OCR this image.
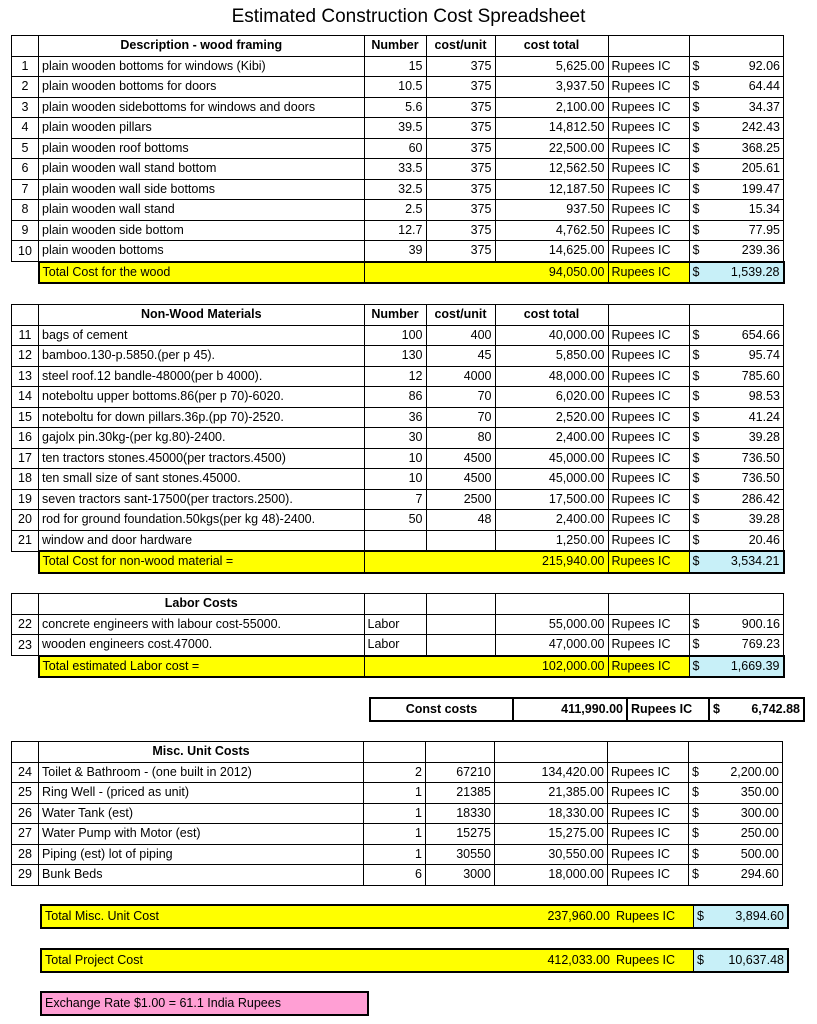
Estimated Construction Cost Spreadsheet
	Description - wood framing	Number	cost/unit	cost total		
1	plain wooden bottoms for windows (Kibi)	15	375	5,625.00	Rupees IC	$ 92.06

2	plain wooden bottoms for doors	10.5	375	3,937.50	Rupees IC	$ 64.44

3	plain wooden sidebottoms for windows and doors	5.6	375	2,100.00	Rupees IC	$ 34.37

4	plain wooden pillars	39.5	375	14,812.50	Rupees IC	$ 242.43

5	plain wooden roof bottoms	60	375	22,500.00	Rupees IC	$ 368.25

6	plain wooden wall stand bottom	33.5	375	12,562.50	Rupees IC	$ 205.61

7	plain wooden wall side bottoms	32.5	375	12,187.50	Rupees IC	$ 199.47

8	plain wooden wall stand	2.5	375	937.50	Rupees IC	$ 15.34

9	plain wooden side bottom	12.7	375	4,762.50	Rupees IC	$ 77.95

10	plain wooden bottoms	39	375	14,625.00	Rupees IC	$ 239.36

	Total Cost for the wood			94,050.00	Rupees IC	$ 1,539.28
	Non-Wood Materials	Number	cost/unit	cost total		
11	bags of cement	100	400	40,000.00	Rupees IC	$ 654.66

12	bamboo.130-p.5850.(per p 45).	130	45	5,850.00	Rupees IC	$ 95.74

13	steel roof.12 bandle-48000(per b 4000).	12	4000	48,000.00	Rupees IC	$ 785.60

14	noteboltu upper bottoms.86(per p 70)-6020.	86	70	6,020.00	Rupees IC	$ 98.53

15	noteboltu for down pillars.36p.(pp 70)-2520.	36	70	2,520.00	Rupees IC	$ 41.24

16	gajolx pin.30kg-(per kg.80)-2400.	30	80	2,400.00	Rupees IC	$ 39.28

17	ten tractors stones.45000(per tractors.4500)	10	4500	45,000.00	Rupees IC	$ 736.50

18	ten small size of sant stones.45000.	10	4500	45,000.00	Rupees IC	$ 736.50

19	seven tractors sant-17500(per tractors.2500).	7	2500	17,500.00	Rupees IC	$ 286.42

20	rod for ground foundation.50kgs(per kg 48)-2400.	50	48	2,400.00	Rupees IC	$ 39.28

21	window and door hardware			1,250.00	Rupees IC	$ 20.46

	Total Cost for non-wood material =			215,940.00	Rupees IC	$ 3,534.21
	Labor Costs					
22	concrete engineers with labour cost-55000.	Labor		55,000.00	Rupees IC	$ 900.16

23	wooden engineers cost.47000.	Labor		47,000.00	Rupees IC	$ 769.23

	Total estimated Labor cost =			102,000.00	Rupees IC	$ 1,669.39
Const costs	411,990.00	Rupees IC	$	6,742.88
	Misc. Unit Costs					
24	Toilet & Bathroom - (one built in 2012)	2	67210	134,420.00	Rupees IC	$ 2,200.00

25	Ring Well - (priced as unit)	1	21385	21,385.00	Rupees IC	$ 350.00

26	Water Tank (est)	1	18330	18,330.00	Rupees IC	$ 300.00

27	Water Pump with Motor (est)	1	15275	15,275.00	Rupees IC	$ 250.00

28	Piping (est) lot of piping	1	30550	30,550.00	Rupees IC	$ 500.00

29	Bunk Beds	6	3000	18,000.00	Rupees IC	$ 294.60
Total Misc. Unit Cost	237,960.00	Rupees IC	$	3,894.60
Total Project Cost	412,033.00	Rupees IC	$ 10,637.48
Exchange Rate $1.00 = 61.1 India Rupees
